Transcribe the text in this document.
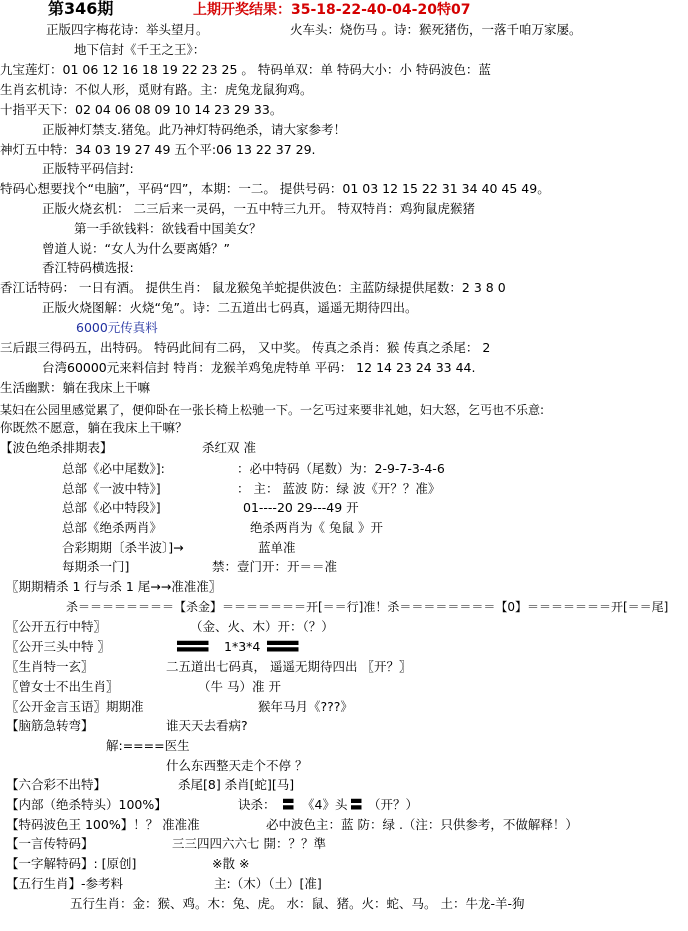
第346期	上期开奖结果：35-18-22-40-04-20特07
正版四字梅花诗：举头望月。	火车头：烧伤马 。诗：猴死猪伤，一落千咱万家屡。
地下信封《千王之王》：
九宝莲灯：01 06 12 16 18 19 22 23 25 。 特码单双：单 特码大小：小 特码波色：蓝
生肖玄机诗：不似人形，觅财有路。主：虎兔龙鼠狗鸡。
十指平天下：02 04 06 08 09 10 14 23 29 33。
正版神灯禁支.猪兔。此乃神灯特码绝杀，请大家参考！
神灯五中特：34 03 19 27 49 五个平:06 13 22 37 29.
正版特平码信封:
特码心想要找个“电脑”，平码“四”，本期：一二。 提供号码：01 03 12 15 22 31 34 40 45 49。
正版火烧玄机： 二三后来一灵码，一五中特三九开。 特双特肖：鸡狗鼠虎猴猪
第一手欲钱料：欲钱看中国美女？
曾道人说：“女人为什么要离婚？”
香江特码横选报:
香江话特码： 一日有酒。 提供生肖： 鼠龙猴兔羊蛇提供波色：主蓝防绿提供尾数：2 3 8 0
正版火烧图解：火烧“兔”。诗：二五道出七码真，遥遥无期待四出。
6000元传真料
三后跟三得码五，出特码。 特码此间有二码， 又中奖。 传真之杀肖：猴 传真之杀尾： 2
台湾60000元来料信封 特肖：龙猴羊鸡兔虎特单 平码： 12 14 23 24 33 44.
生活幽默：躺在我床上干嘛
某妇在公园里感觉累了，便仰卧在一张长椅上松驰一下。一乞丐过来要非礼她，妇大怒，乞丐也不乐意:
你既然不愿意，躺在我床上干嘛？
【波色绝杀排期表】	杀红双 准
总部《必中尾数》]:	：必中特码（尾数）为：2-9-7-3-4-6
总部《一波中特》]	： 主： 蓝波 防：绿 波《开？？准》
总部《必中特段》]	01----20 29---49 开
总部《绝杀两肖》	绝杀两肖为《 兔鼠 》开
合彩期期〔杀半波〕]→	蓝单准
每期杀一门]	禁：壹门开：开＝＝准
〖期期精杀 1 行与杀 1 尾→→准准准〗
杀＝＝＝＝＝＝＝＝【杀金】＝＝＝＝＝＝＝开[＝＝行]准！杀＝＝＝＝＝＝＝＝【0】＝＝＝＝＝＝＝开[＝＝尾]
〖公开五行中特〗	（金、火、木）开：（？）
〖公开三头中特 〗	〓〓〓 1*3*4 〓〓〓
〖生肖特一玄〗	二五道出七码真， 遥遥无期待四出 〖开？〗
〖曾女士不出生肖〗	（牛 马）准 开
〖公开金言玉语〗期期准	猴年马月《???》
【脑筋急转弯】	谁天天去看病?
解:====医生
什么东西整天走个不停 ？
【六合彩不出特】	杀尾[8] 杀肖[蛇][马]
【内部（绝杀特头）100%】	诀杀： 〓 《4》头 〓 （开？）
【特码波色王 100%】！？ 准准准	必中波色主：蓝 防：绿 .（注：只供参考，不做解释！）
【一言传特码】	三三四四六六七 開：？？準
【一字解特码】: [原创]	※散 ※
【五行生肖】-参考料	主:（木）（土）[准]
五行生肖：金：猴、鸡。木：兔、虎。 水：鼠、猪。火：蛇、马。 土：牛龙-羊-狗
